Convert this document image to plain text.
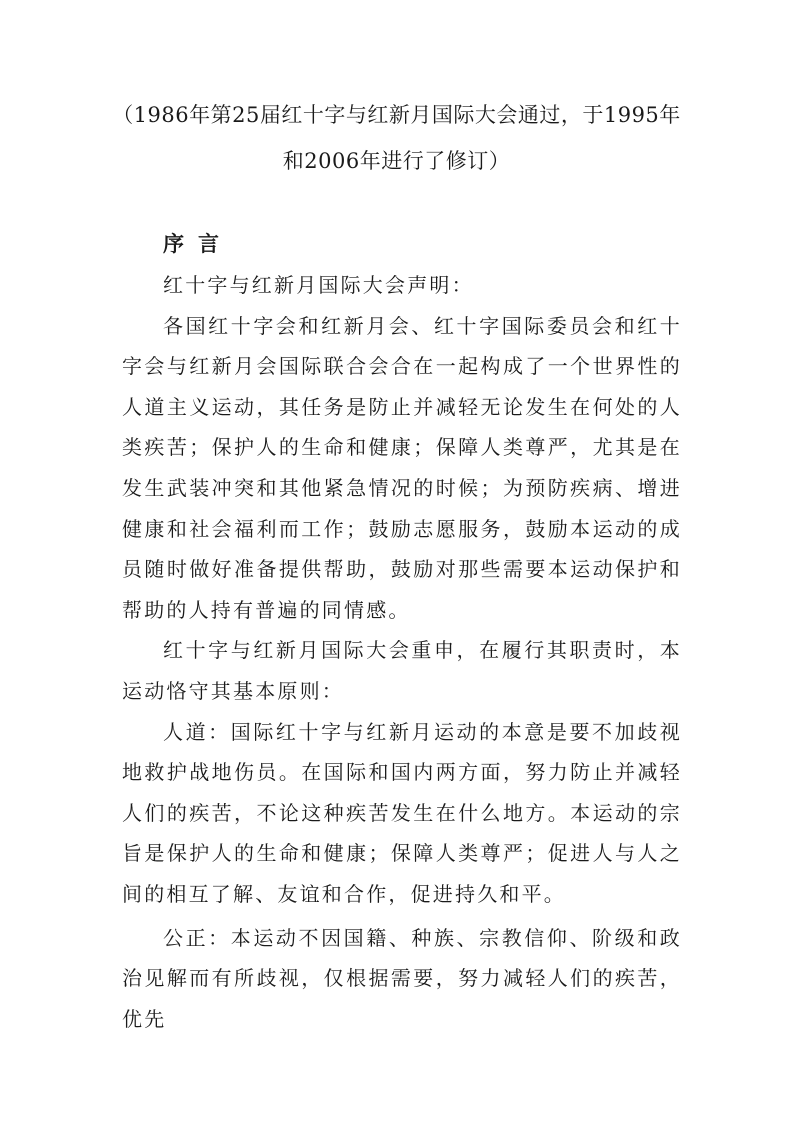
（1986年第25届红十字与红新月国际大会通过，于1995年
和2006年进行了修订）
序言

红十字与红新月国际大会声明：

各国红十字会和红新月会、红十字国际委员会和红十字会与红新月会国际联合会合在一起构成了一个世界性的人道主义运动，其任务是防止并减轻无论发生在何处的人类疾苦；保护人的生命和健康；保障人类尊严，尤其是在发生武装冲突和其他紧急情况的时候；为预防疾病、增进健康和社会福利而工作；鼓励志愿服务，鼓励本运动的成员随时做好准备提供帮助，鼓励对那些需要本运动保护和帮助的人持有普遍的同情感。

红十字与红新月国际大会重申，在履行其职责时，本运动恪守其基本原则：

人道：国际红十字与红新月运动的本意是要不加歧视地救护战地伤员。在国际和国内两方面，努力防止并减轻人们的疾苦，不论这种疾苦发生在什么地方。本运动的宗旨是保护人的生命和健康；保障人类尊严；促进人与人之间的相互了解、友谊和合作，促进持久和平。

公正：本运动不因国籍、种族、宗教信仰、阶级和政治见解而有所歧视，仅根据需要，努力减轻人们的疾苦，优先
